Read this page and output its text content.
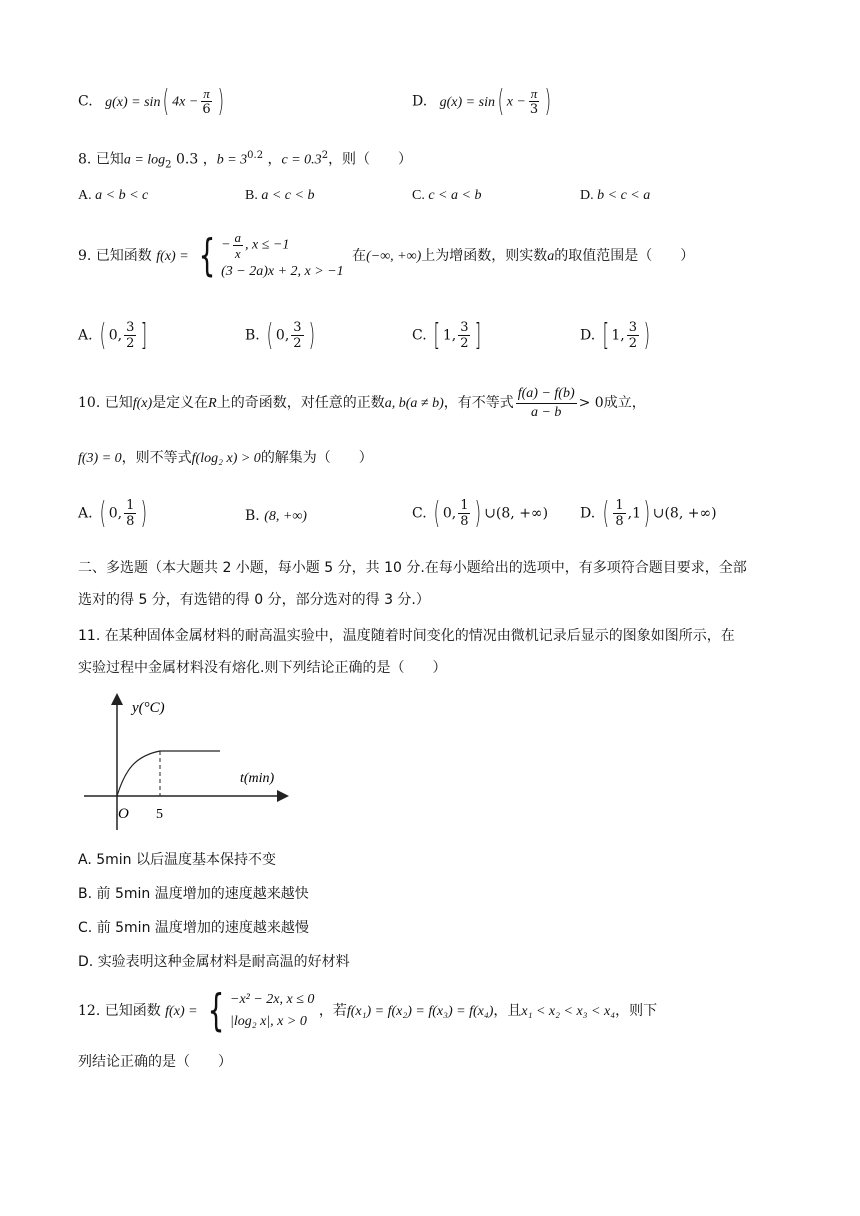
C. g(x) = sin( $4x - \frac{\pi}{6}$ )	D. g(x) = sin( $x - \frac{\pi}{3}$ )
8. 已知$a = \log_2 0.3$ ，$b = 3^{0.2}$ ，$c = 0.3^2$，则（　　）
A. a < b < c	B. a < c < b	C. c < a < b	D. b < c < a
9. 已知函数 f(x) = { − $\frac{a}{x}$ , x ≤ −1
(3 − 2a)x + 2, x > −1
在(−∞, +∞)上为增函数，则实数a的取值范围是（　　）
A. ( 0, $\frac{3}{2}$ ]	B. ( 0, $\frac{3}{2}$ )	C. [ 1, $\frac{3}{2}$ ]	D. [ 1, $\frac{3}{2}$ )
10. 已知f(x)是定义在R上的奇函数，对任意的正数a, b(a ≠ b)，有不等式 $\frac{f(a) - f(b)}{a - b} > 0$成立，
f(3) = 0，则不等式f(log₂ x) > 0的解集为（　　）
A. ( 0, $\frac{1}{8}$ )	B. (8, +∞)	C. ( 0, $\frac{1}{8}$ ) ∪(8, +∞) D. ( $\frac{1}{8} ,1$) ∪(8, +∞)
二、多选题（本大题共 2 小题，每小题 5 分，共 10 分.在每小题给出的选项中，有多项符合题目要求，全部
选对的得 5 分，有选错的得 0 分，部分选对的得 3 分.）
11. 在某种固体金属材料的耐高温实验中，温度随着时间变化的情况由微机记录后显示的图象如图所示，在
实验过程中金属材料没有熔化.则下列结论正确的是（　　）
y(°C)
t(min)
O 5
A. 5min 以后温度基本保持不变
B. 前 5min 温度增加的速度越来越快
C. 前 5min 温度增加的速度越来越慢
D. 实验表明这种金属材料是耐高温的好材料
12. 已知函数 f(x) = { −x² − 2x, x ≤ 0
|log₂ x|, x > 0
，若f(x₁) = f(x₂) = f(x₃) = f(x₄)，且x₁ < x₂ < x₃ < x₄，则下
列结论正确的是（　　）
